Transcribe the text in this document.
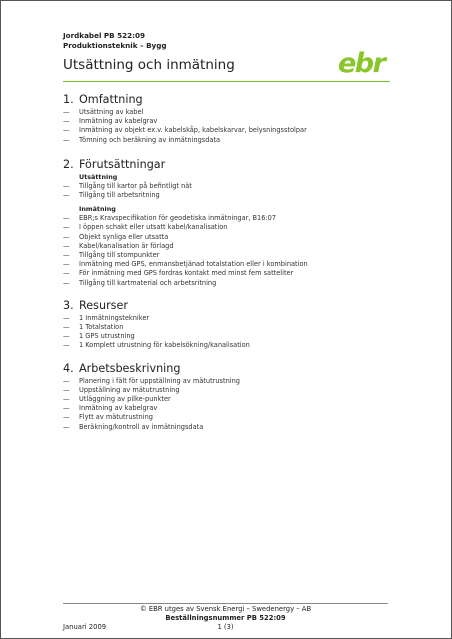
Jordkabel PB 522:09
Produktionsteknik – Bygg
Utsättning och inmätning	ebr
1. Omfattning
— Utsättning av kabel
— Inmätning av kabelgrav
— Inmätning av objekt ex.v. kabelskåp, kabelskarvar, belysningsstolpar
— Tömning och beräkning av inmätningsdata
2. Förutsättningar
Utsättning
— Tillgång till kartor på befintligt nät
— Tillgång till arbetsritning
Inmätning
— EBR;s Kravspecifikation för geodetiska inmätningar, B16:07
— I öppen schakt eller utsatt kabel/kanalisation
— Objekt synliga eller utsatta
— Kabel/kanalisation är förlagd
— Tillgång till stompunkter
— Inmätning med GPS, enmansbetjänad totalstation eller i kombination
— För inmätning med GPS fordras kontakt med minst fem satteliter
— Tillgång till kartmaterial och arbetsritning
3. Resurser
— 1 Inmätningstekniker
— 1 Totalstation
— 1 GPS utrustning
— 1 Komplett utrustning för kabelsökning/kanalisation
4. Arbetsbeskrivning
— Planering i fält för uppställning av mätutrustning
— Uppställning av mätutrustning
— Utläggning av pilke-punkter
— Inmätning av kabelgrav
— Flytt av mätutrustning
— Beräkning/kontroll av inmätningsdata
© EBR utges av Svensk Energi – Swedenergy – AB
Beställningsnummer PB 522:09
1 (3)
Januari 2009
